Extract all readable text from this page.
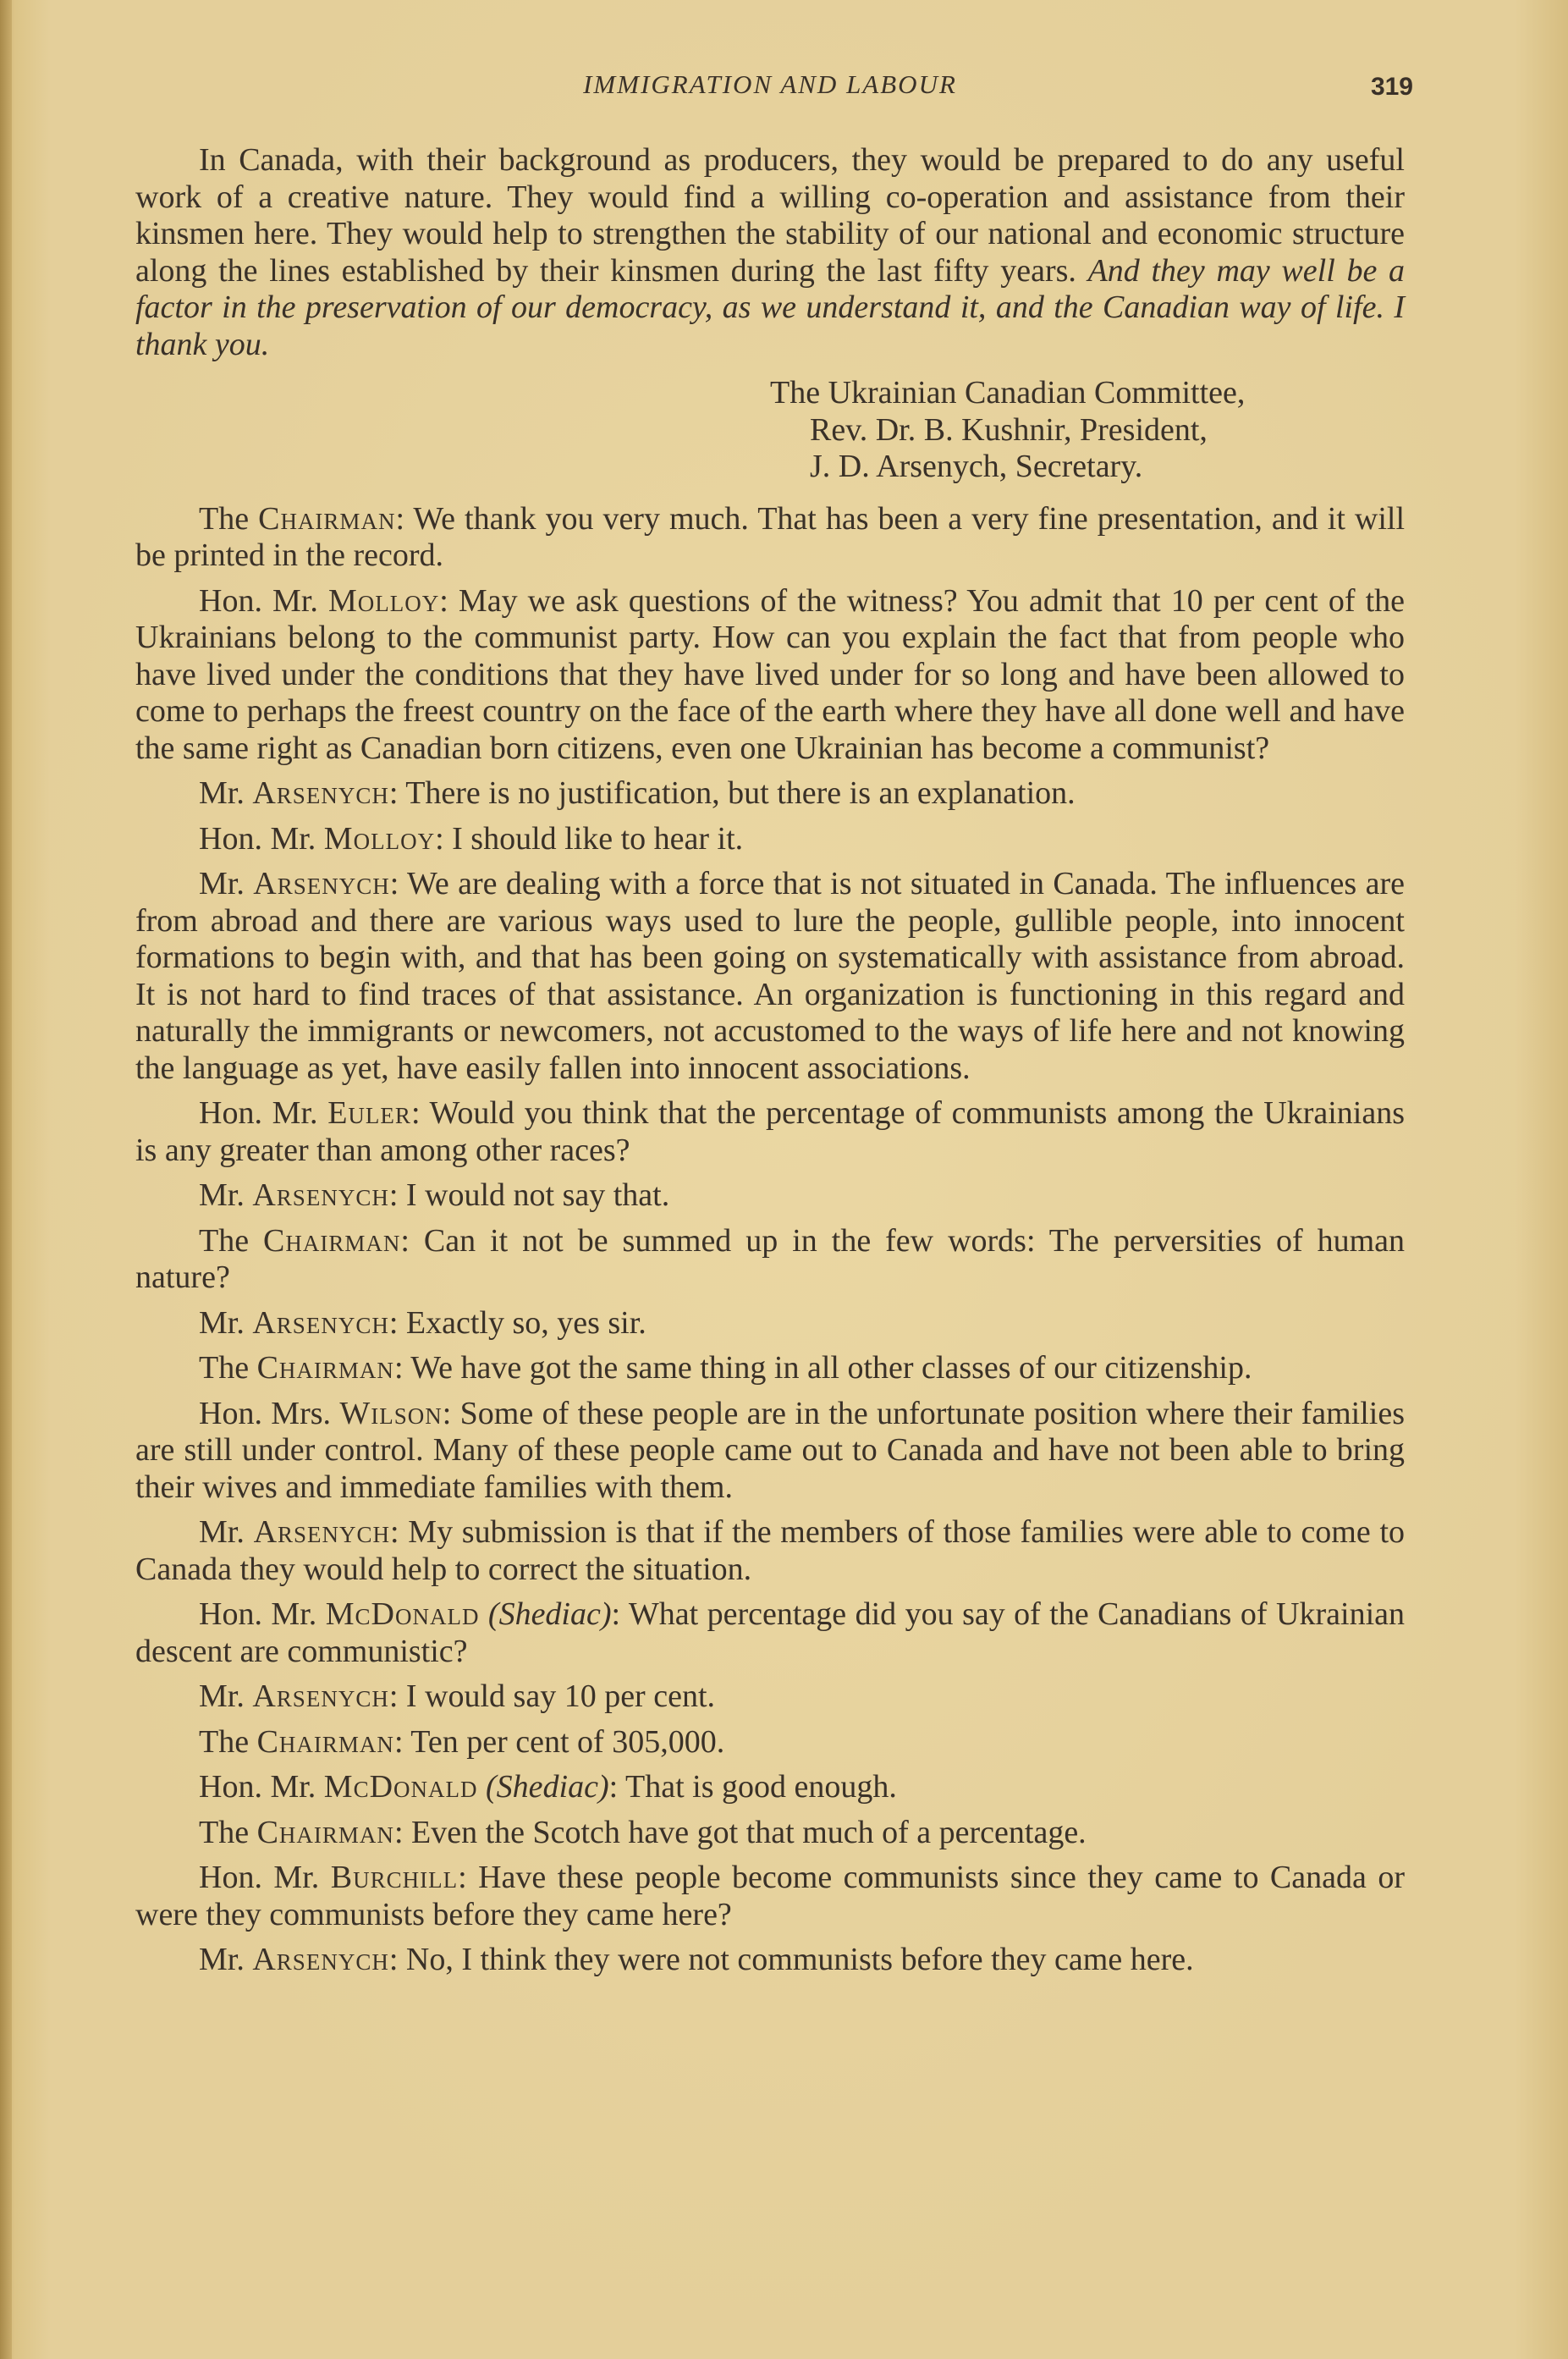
IMMIGRATION AND LABOUR	319

In Canada, with their background as producers, they would be prepared to do any useful work of a creative nature. They would find a willing co-operation and assistance from their kinsmen here. They would help to strengthen the stability of our national and economic structure along the lines established by their kinsmen during the last fifty years. And they may well be a factor in the preservation of our democracy, as we understand it, and the Canadian way of life. I thank you.

The Ukrainian Canadian Committee,
Rev. Dr. B. Kushnir, President,
J. D. Arsenych, Secretary.

The Chairman: We thank you very much. That has been a very fine presentation, and it will be printed in the record.

Hon. Mr. Molloy: May we ask questions of the witness? You admit that 10 per cent of the Ukrainians belong to the communist party. How can you explain the fact that from people who have lived under the conditions that they have lived under for so long and have been allowed to come to perhaps the freest country on the face of the earth where they have all done well and have the same right as Canadian born citizens, even one Ukrainian has become a communist?

Mr. Arsenych: There is no justification, but there is an explanation.

Hon. Mr. Molloy: I should like to hear it.

Mr. Arsenych: We are dealing with a force that is not situated in Canada. The influences are from abroad and there are various ways used to lure the people, gullible people, into innocent formations to begin with, and that has been going on systematically with assistance from abroad. It is not hard to find traces of that assistance. An organization is functioning in this regard and naturally the immigrants or newcomers, not accustomed to the ways of life here and not knowing the language as yet, have easily fallen into innocent associations.

Hon. Mr. Euler: Would you think that the percentage of communists among the Ukrainians is any greater than among other races?

Mr. Arsenych: I would not say that.

The Chairman: Can it not be summed up in the few words: The perversities of human nature?

Mr. Arsenych: Exactly so, yes sir.

The Chairman: We have got the same thing in all other classes of our citizenship.

Hon. Mrs. Wilson: Some of these people are in the unfortunate position where their families are still under control. Many of these people came out to Canada and have not been able to bring their wives and immediate families with them.

Mr. Arsenych: My submission is that if the members of those families were able to come to Canada they would help to correct the situation.

Hon. Mr. McDonald (Shediac): What percentage did you say of the Canadians of Ukrainian descent are communistic?

Mr. Arsenych: I would say 10 per cent.

The Chairman: Ten per cent of 305,000.

Hon. Mr. McDonald (Shediac): That is good enough.

The Chairman: Even the Scotch have got that much of a percentage.

Hon. Mr. Burchill: Have these people become communists since they came to Canada or were they communists before they came here?

Mr. Arsenych: No, I think they were not communists before they came here.
